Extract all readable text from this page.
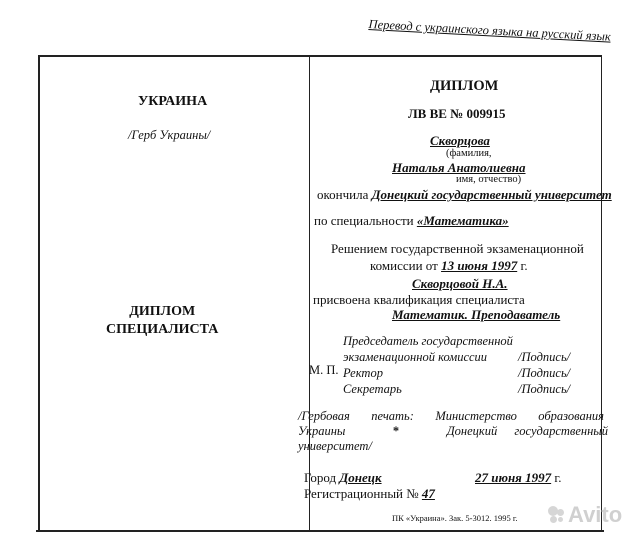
Перевод с украинского языка на русский язык
УКРАИНА
/Герб Украины/
ДИПЛОМ
СПЕЦИАЛИСТА
ДИПЛОМ
ЛВ ВЕ № 009915
Скворцова
(фамилия,
Наталья Анатолиевна
имя, отчество)
окончила Донецкий государственный университет
по специальности «Математика»
Решением государственной экзаменационной
комиссии от 13 июня 1997 г.
Скворцовой Н.А.
присвоена квалификация специалиста
Математик. Преподаватель
Председатель государственной
экзаменационной комиссии /Подпись/
М. П. Ректор	/Подпись/
Секретарь	/Подпись/
/Гербовая печать: Министерство образования
Украины	*	Донецкий государственный
университет/
Город Донецк	27 июня 1997 г.
Регистрационный № 47
ПК «Украина». Зак. 5-3012. 1995 г.	Avito
